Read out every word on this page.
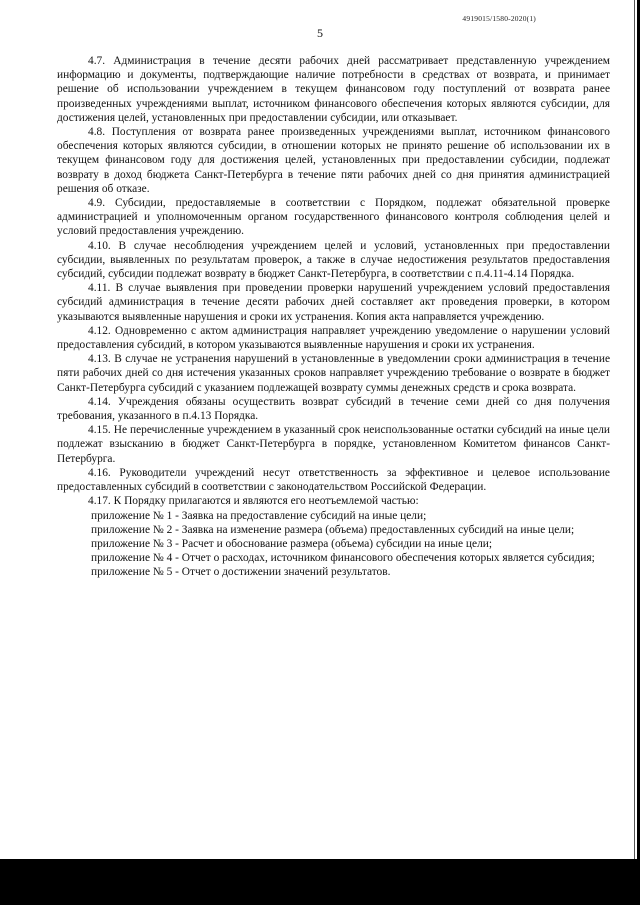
4919015/1580-2020(1)
5

4.7. Администрация в течение десяти рабочих дней рассматривает представленную учреждением информацию и документы, подтверждающие наличие потребности в средствах от возврата, и принимает решение об использовании учреждением в текущем финансовом году поступлений от возврата ранее произведенных учреждениями выплат, источником финансового обеспечения которых являются субсидии, для достижения целей, установленных при предоставлении субсидии, или отказывает.

4.8. Поступления от возврата ранее произведенных учреждениями выплат, источником финансового обеспечения которых являются субсидии, в отношении которых не принято решение об использовании их в текущем финансовом году для достижения целей, установленных при предоставлении субсидии, подлежат возврату в доход бюджета Санкт-Петербурга в течение пяти рабочих дней со дня принятия администрацией решения об отказе.

4.9. Субсидии, предоставляемые в соответствии с Порядком, подлежат обязательной проверке администрацией и уполномоченным органом государственного финансового контроля соблюдения целей и условий предоставления учреждению.

4.10. В случае несоблюдения учреждением целей и условий, установленных при предоставлении субсидии, выявленных по результатам проверок, а также в случае недостижения результатов предоставления субсидий, субсидии подлежат возврату в бюджет Санкт-Петербурга, в соответствии с п.4.11-4.14 Порядка.

4.11. В случае выявления при проведении проверки нарушений учреждением условий предоставления субсидий администрация в течение десяти рабочих дней составляет акт проведения проверки, в котором указываются выявленные нарушения и сроки их устранения. Копия акта направляется учреждению.

4.12. Одновременно с актом администрация направляет учреждению уведомление о нарушении условий предоставления субсидий, в котором указываются выявленные нарушения и сроки их устранения.

4.13. В случае не устранения нарушений в установленные в уведомлении сроки администрация в течение пяти рабочих дней со дня истечения указанных сроков направляет учреждению требование о возврате в бюджет Санкт-Петербурга субсидий с указанием подлежащей возврату суммы денежных средств и срока возврата.

4.14. Учреждения обязаны осуществить возврат субсидий в течение семи дней со дня получения требования, указанного в п.4.13 Порядка.

4.15. Не перечисленные учреждением в указанный срок неиспользованные остатки субсидий на иные цели подлежат взысканию в бюджет Санкт-Петербурга в порядке, установленном Комитетом финансов Санкт-Петербурга.

4.16. Руководители учреждений несут ответственность за эффективное и целевое использование предоставленных субсидий в соответствии с законодательством Российской Федерации.

4.17. К Порядку прилагаются и являются его неотъемлемой частью:

приложение № 1 - Заявка на предоставление субсидий на иные цели;

приложение № 2 - Заявка на изменение размера (объема) предоставленных субсидий на иные цели;

приложение № 3 - Расчет и обоснование размера (объема) субсидии на иные цели;

приложение № 4 - Отчет о расходах, источником финансового обеспечения которых является субсидия;

приложение № 5 - Отчет о достижении значений результатов.
